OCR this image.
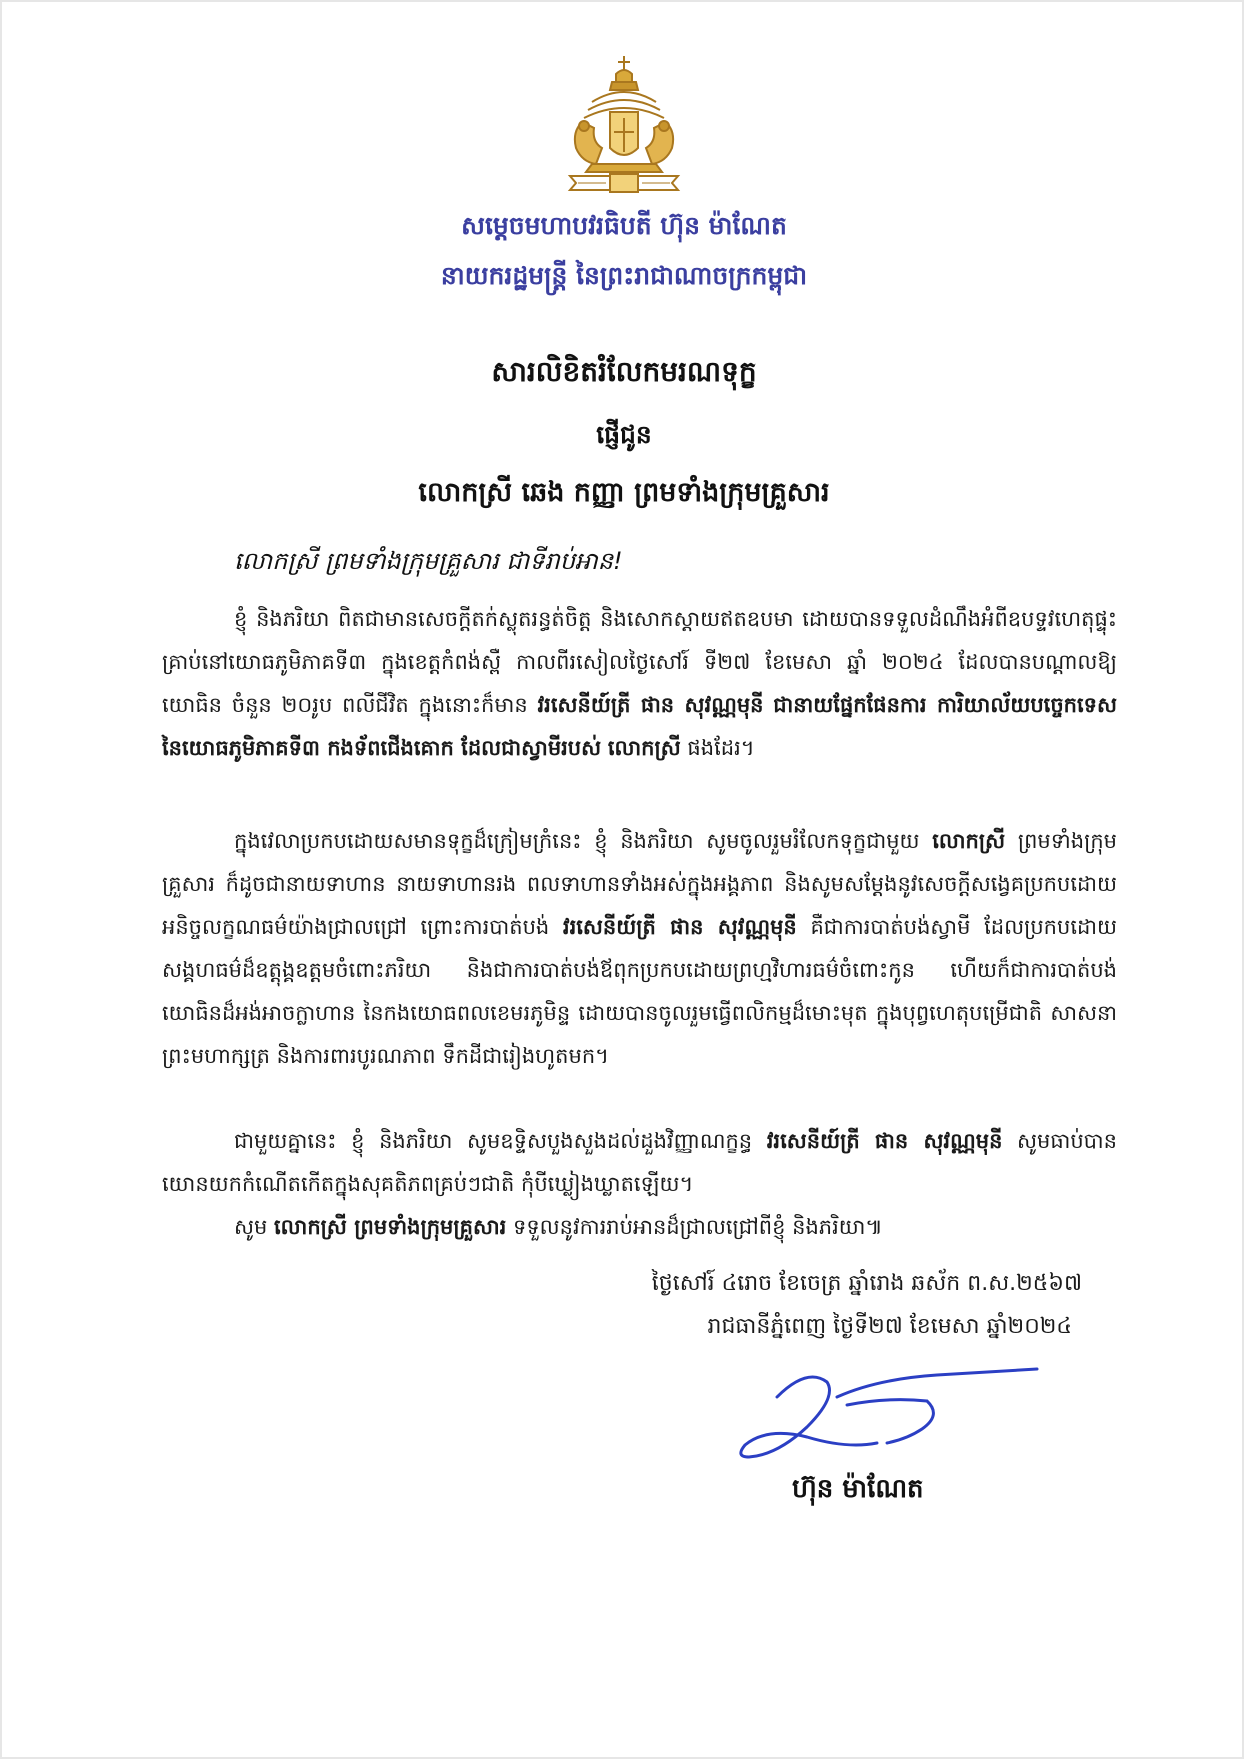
សម្តេចមហាបវរធិបតី ហ៊ុន ម៉ាណែត
នាយករដ្ឋមន្ត្រី នៃព្រះរាជាណាចក្រកម្ពុជា
សារលិខិតរំលែកមរណទុក្ខ
ផ្ញើជូន
លោកស្រី ឆេង កញ្ញា ព្រមទាំងក្រុមគ្រួសារ
លោកស្រី ព្រមទាំងក្រុមគ្រួសារ ជាទីរាប់អាន!
ខ្ញុំ និងភរិយា ពិតជាមានសេចក្តីតក់ស្លុតរន្ធត់ចិត្ត និងសោកស្តាយឥតឧបមា ដោយបានទទួលដំណឹងអំពីឧបទ្ទវហេតុផ្ទុះគ្រាប់នៅយោធភូមិភាគទី៣ ក្នុងខេត្តកំពង់ស្ពឺ កាលពីរសៀលថ្ងៃសៅរ៍ ទី២៧ ខែមេសា ឆ្នាំ ២០២៤ ដែលបានបណ្តាលឱ្យយោធិន ចំនួន ២០រូប ពលីជីវិត ក្នុងនោះក៏មាន វរសេនីយ៍ត្រី ផាន សុវណ្ណមុនី ជានាយផ្នែកផែនការ ការិយាល័យបច្ចេកទេសនៃយោធភូមិភាគទី៣ កងទ័ពជើងគោក ដែលជាស្វាមីរបស់ លោកស្រី ផងដែរ។
ក្នុងវេលាប្រកបដោយសមានទុក្ខដ៏ក្រៀមក្រំនេះ ខ្ញុំ និងភរិយា សូមចូលរួមរំលែកទុក្ខជាមួយ លោកស្រី ព្រមទាំងក្រុមគ្រួសារ ក៏ដូចជានាយទាហាន នាយទាហានរង ពលទាហានទាំងអស់ក្នុងអង្គភាព និងសូមសម្តែងនូវសេចក្តីសង្វេគប្រកបដោយអនិច្ចលក្ខណធម៌យ៉ាងជ្រាលជ្រៅ ព្រោះការបាត់បង់ វរសេនីយ៍ត្រី ផាន សុវណ្ណមុនី គឺជាការបាត់បង់ស្វាមី ដែលប្រកបដោយសង្គហធម៌ដ៏ឧត្តុង្គឧត្តមចំពោះភរិយា និងជាការបាត់បង់ឪពុកប្រកបដោយព្រហ្មវិហារធម៌ចំពោះកូន ហើយក៏ជាការបាត់បង់យោធិនដ៏អង់អាចក្លាហាន នៃកងយោធពលខេមរភូមិន្ទ ដោយបានចូលរួមធ្វើពលិកម្មដ៏មោះមុត ក្នុងបុព្វហេតុបម្រើជាតិ សាសនា ព្រះមហាក្សត្រ និងការពារបូរណភាព ទឹកដីជារៀងហូតមក។
ជាមួយគ្នានេះ ខ្ញុំ និងភរិយា សូមឧទ្ទិសបួងសួងដល់ដួងវិញ្ញាណក្ខន្ធ វរសេនីយ៍ត្រី ផាន សុវណ្ណមុនី សូមធាប់បានយោនយកកំណើតកើតក្នុងសុគតិភពគ្រប់ៗជាតិ កុំបីឃ្លៀងឃ្លាតឡើយ។
សូម លោកស្រី ព្រមទាំងក្រុមគ្រួសារ ទទួលនូវការរាប់អានដ៏ជ្រាលជ្រៅពីខ្ញុំ និងភរិយា៕
ថ្ងៃសៅរ៍ ៤រោច ខែចេត្រ ឆ្នាំរោង ឆស័ក ព.ស.២៥៦៧
រាជធានីភ្នំពេញ ថ្ងៃទី២៧ ខែមេសា ឆ្នាំ២០២៤
ហ៊ុន ម៉ាណែត
